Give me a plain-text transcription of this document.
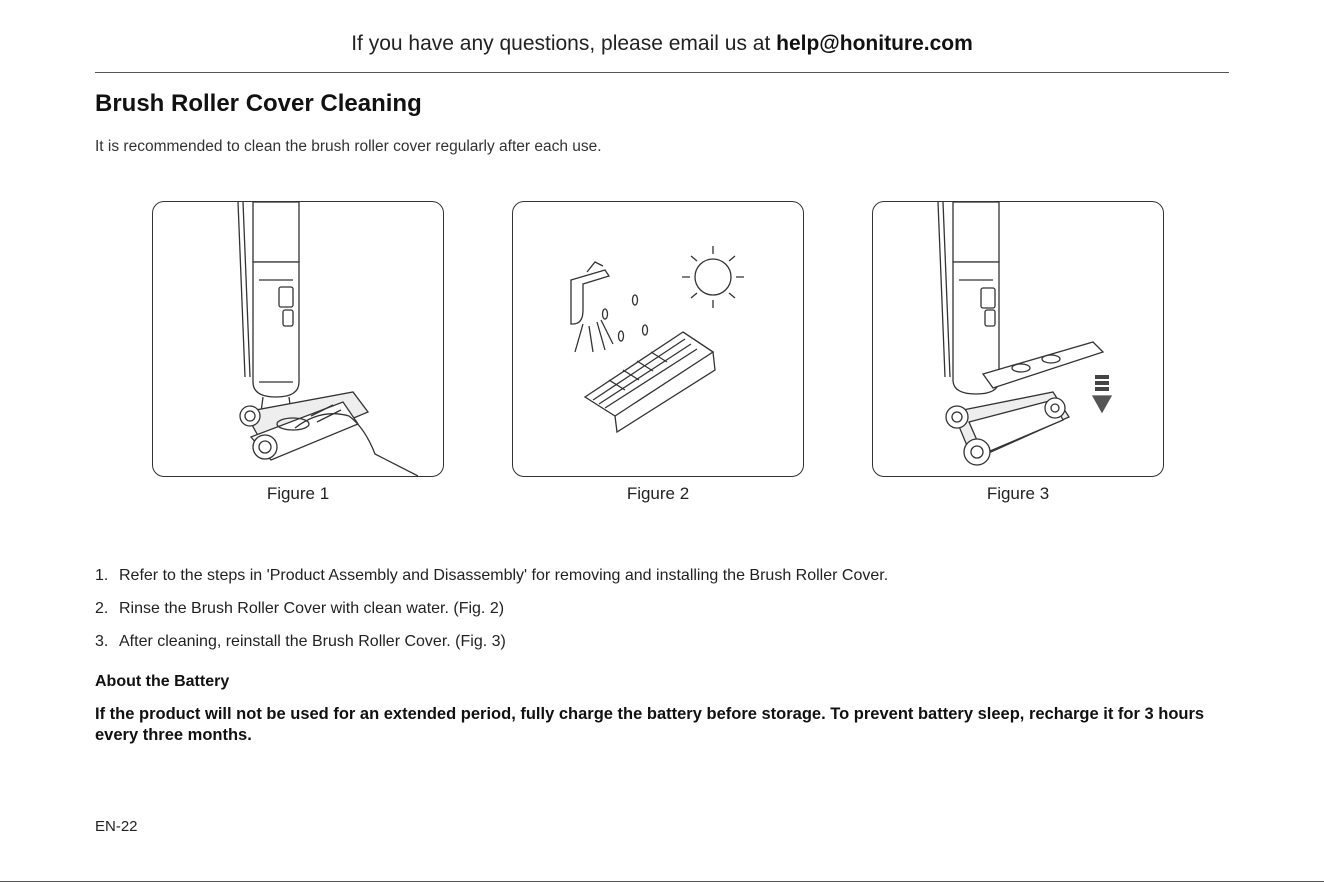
If you have any questions, please email us at help@honiture.com
Brush Roller Cover Cleaning
It is recommended to clean the brush roller cover regularly after each use.
Figure 1	Figure 2	Figure 3
1. Refer to the steps in 'Product Assembly and Disassembly' for removing and installing the Brush Roller Cover.
2. Rinse the Brush Roller Cover with clean water. (Fig. 2)
3. After cleaning, reinstall the Brush Roller Cover. (Fig. 3)
About the Battery
If the product will not be used for an extended period, fully charge the battery before storage. To prevent battery sleep, recharge it for 3 hours every three months.
EN-22
